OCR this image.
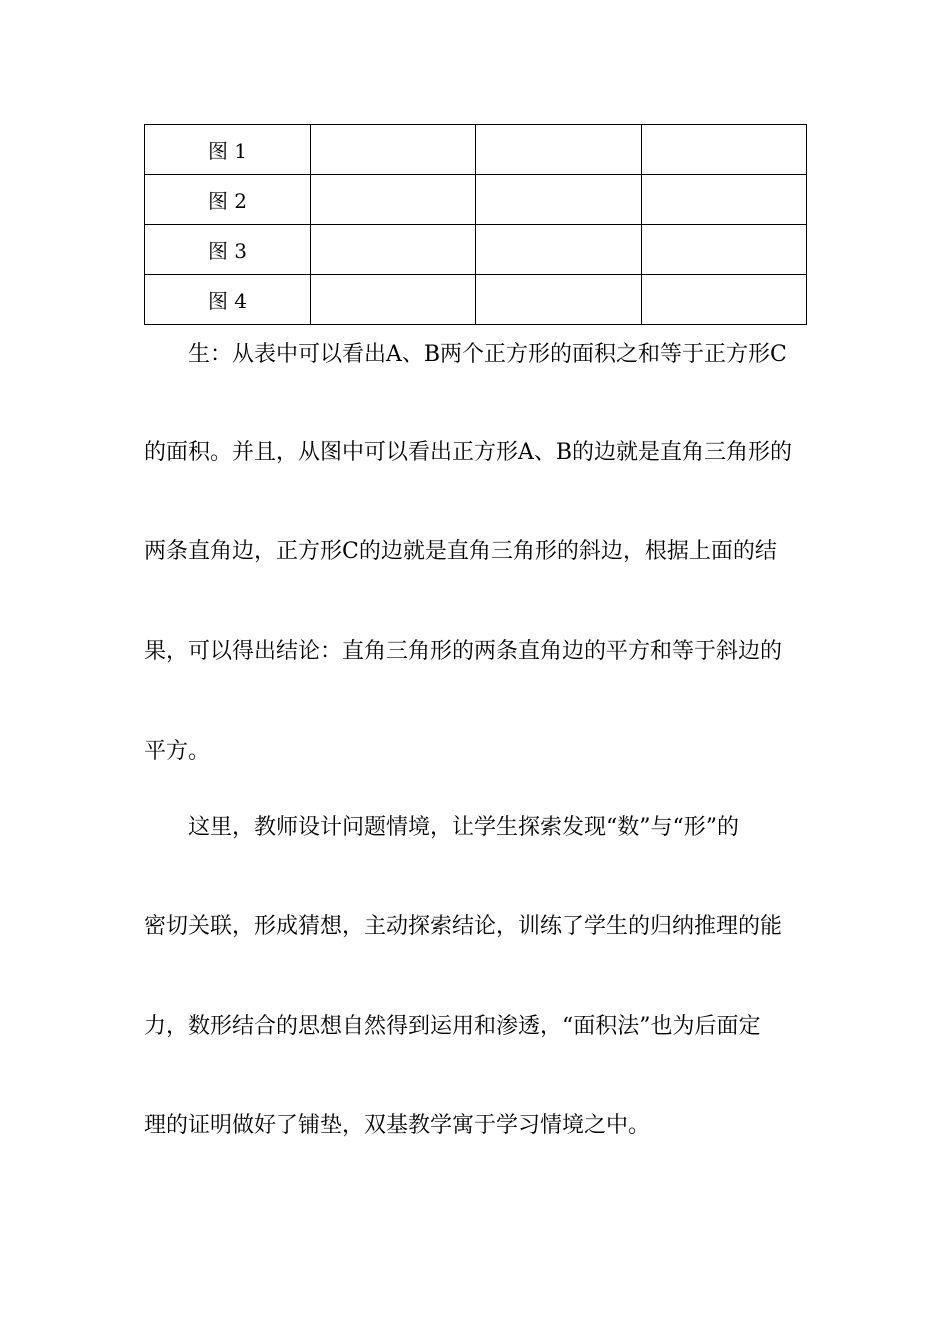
图 1			
图 2			
图 3			
图 4			
生：从表中可以看出A、B两个正方形的面积之和等于正方形C
的面积。并且，从图中可以看出正方形A、B的边就是直角三角形的
两条直角边，正方形C的边就是直角三角形的斜边，根据上面的结
果，可以得出结论：直角三角形的两条直角边的平方和等于斜边的
平方。
这里，教师设计问题情境，让学生探索发现“数”与“形”的
密切关联，形成猜想，主动探索结论，训练了学生的归纳推理的能
力，数形结合的思想自然得到运用和渗透，“面积法”也为后面定
理的证明做好了铺垫，双基教学寓于学习情境之中。
